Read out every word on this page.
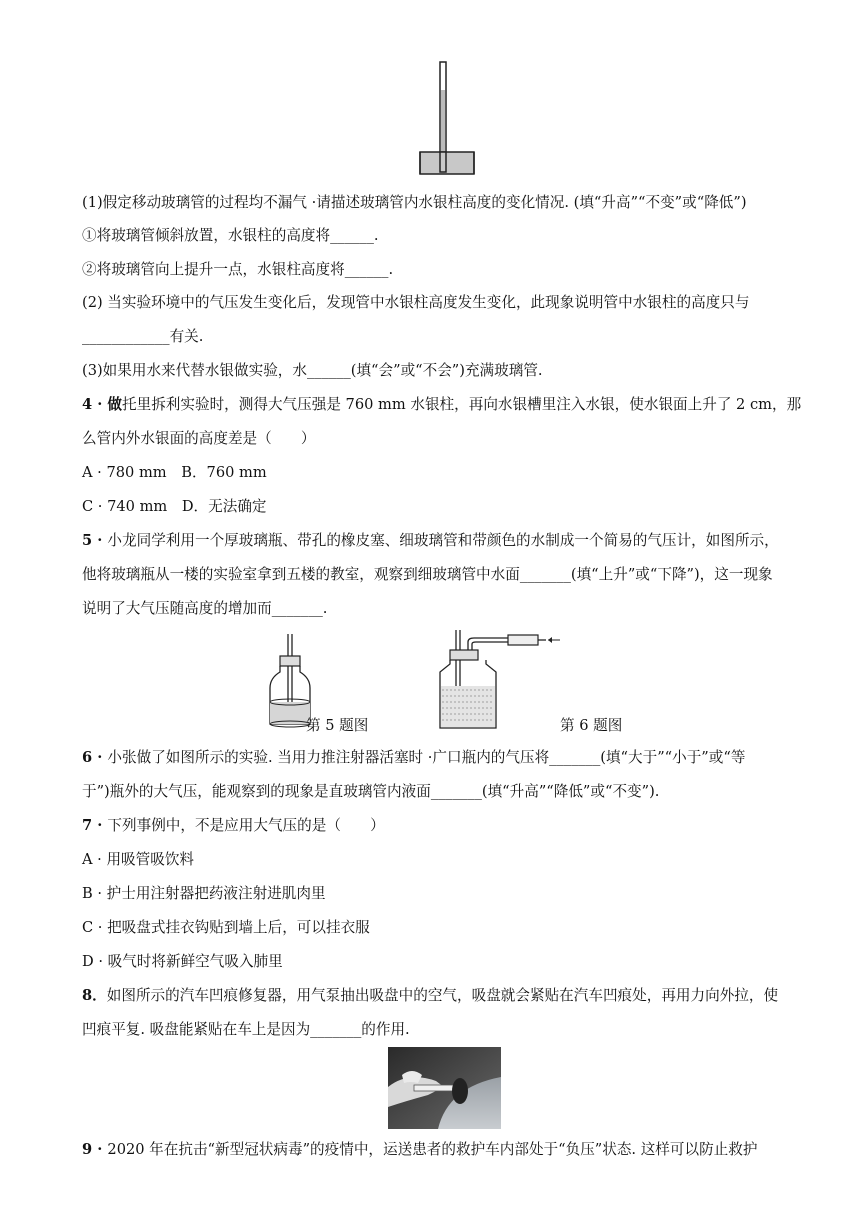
(1)假定移动玻璃管的过程均不漏气 ·请描述玻璃管内水银柱高度的变化情况. (填“升高”“不变”或“降低”)
①将玻璃管倾斜放置，水银柱的高度将______.
②将玻璃管向上提升一点，水银柱高度将______.
(2) 当实验环境中的气压发生变化后，发现管中水银柱高度发生变化，此现象说明管中水银柱的高度只与
____________有关.
(3)如果用水来代替水银做实验，水______(填“会”或“不会”)充满玻璃管.
4 · 做托里拆利实验时，测得大气压强是 760 mm 水银柱，再向水银槽里注入水银，使水银面上升了 2 cm，那
么管内外水银面的高度差是（　　）
A · 780 mm　B．760 mm
C · 740 mm　D．无法确定
5 · 小龙同学利用一个厚玻璃瓶、带孔的橡皮塞、细玻璃管和带颜色的水制成一个简易的气压计，如图所示，
他将玻璃瓶从一楼的实验室拿到五楼的教室，观察到细玻璃管中水面_______(填“上升”或“下降”)，这一现象
说明了大气压随高度的增加而_______.
第 5 题图	第 6 题图
6 · 小张做了如图所示的实验. 当用力推注射器活塞时 ·广口瓶内的气压将_______(填“大于”“小于”或“等
于”)瓶外的大气压，能观察到的现象是直玻璃管内液面_______(填“升高”“降低”或“不变”).
7 · 下列事例中，不是应用大气压的是（　　）
A · 用吸管吸饮料
B · 护士用注射器把药液注射进肌肉里
C · 把吸盘式挂衣钩贴到墙上后，可以挂衣服
D · 吸气时将新鲜空气吸入肺里
8．如图所示的汽车凹痕修复器，用气泵抽出吸盘中的空气，吸盘就会紧贴在汽车凹痕处，再用力向外拉，使
凹痕平复. 吸盘能紧贴在车上是因为_______的作用.
9 · 2020 年在抗击“新型冠状病毒”的疫情中，运送患者的救护车内部处于“负压”状态. 这样可以防止救护
